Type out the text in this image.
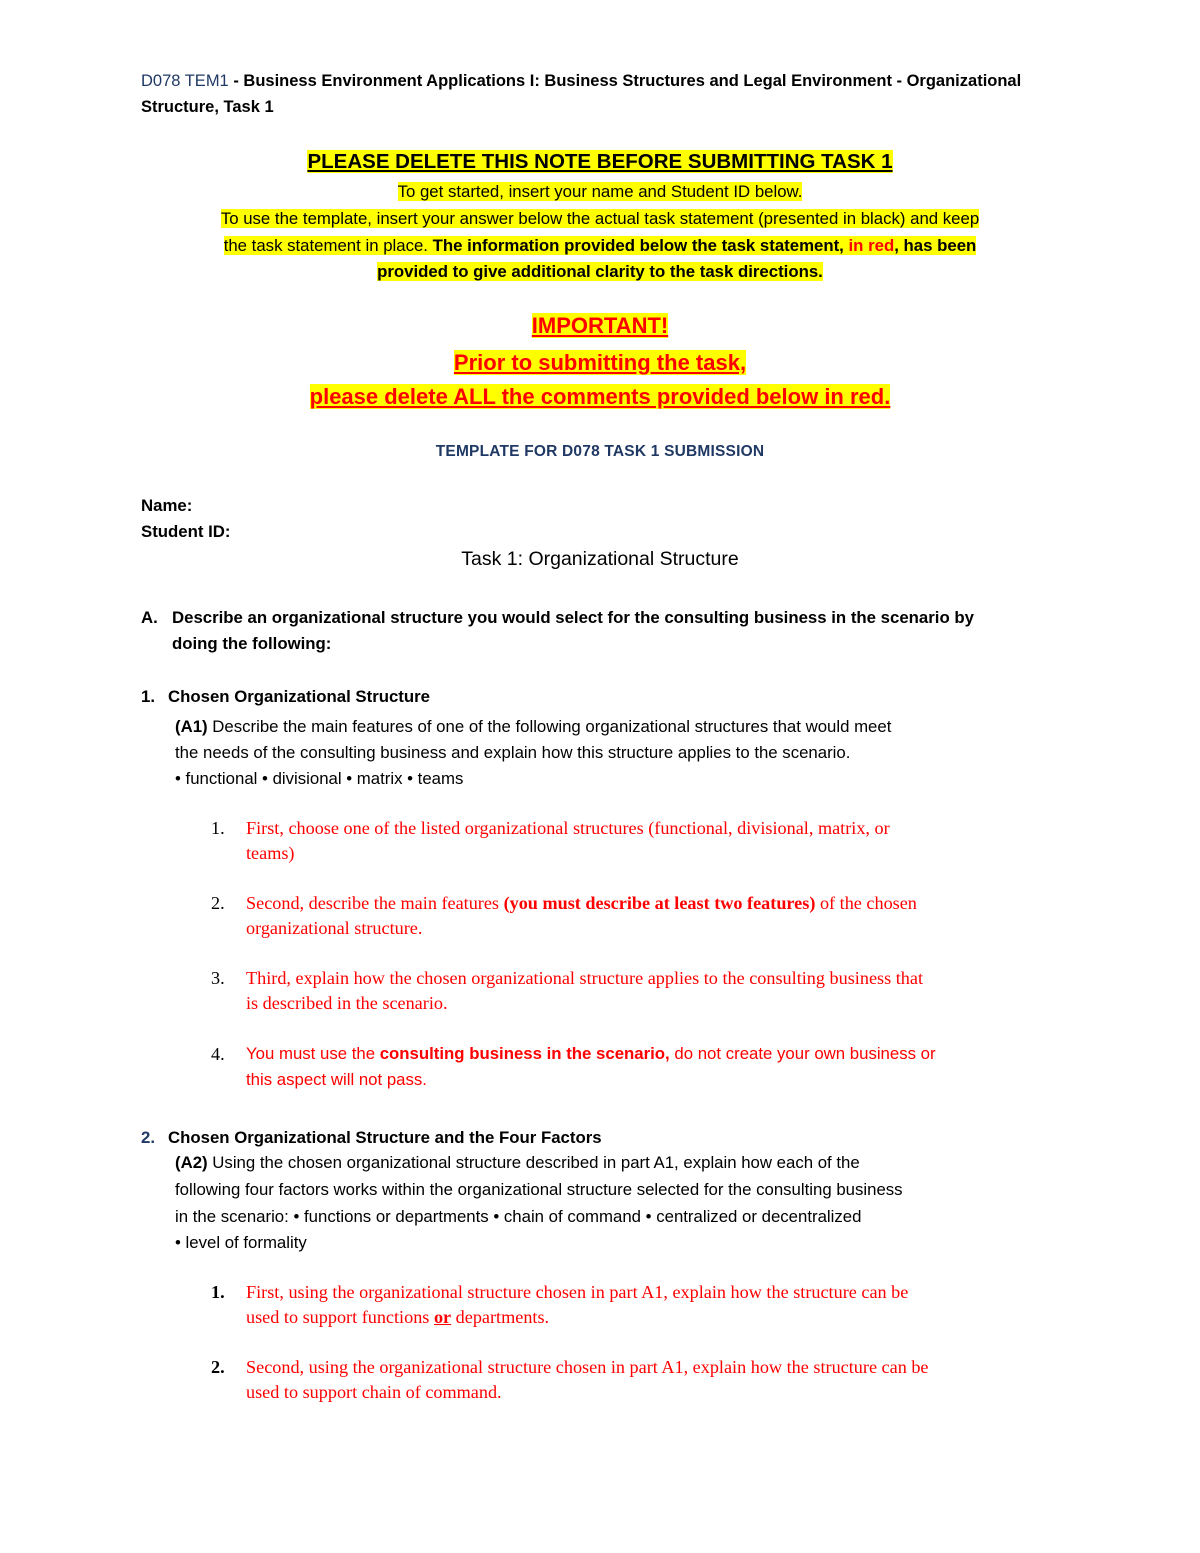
D078 TEM1 - Business Environment Applications I: Business Structures and Legal Environment - Organizational
Structure, Task 1
PLEASE DELETE THIS NOTE BEFORE SUBMITTING TASK 1
To get started, insert your name and Student ID below.
To use the template, insert your answer below the actual task statement (presented in black) and keep
the task statement in place. The information provided below the task statement, in red, has been
provided to give additional clarity to the task directions.
IMPORTANT!
Prior to submitting the task,
please delete ALL the comments provided below in red.
TEMPLATE FOR D078 TASK 1 SUBMISSION
Name:
Student ID:
Task 1: Organizational Structure
A. Describe an organizational structure you would select for the consulting business in the scenario by
doing the following:
1. Chosen Organizational Structure
(A1) Describe the main features of one of the following organizational structures that would meet
the needs of the consulting business and explain how this structure applies to the scenario.
• functional • divisional • matrix • teams
1. First, choose one of the listed organizational structures (functional, divisional, matrix, or
teams)
2. Second, describe the main features (you must describe at least two features) of the chosen
organizational structure.
3. Third, explain how the chosen organizational structure applies to the consulting business that
is described in the scenario.
4. You must use the consulting business in the scenario, do not create your own business or
this aspect will not pass.
2. Chosen Organizational Structure and the Four Factors
(A2) Using the chosen organizational structure described in part A1, explain how each of the
following four factors works within the organizational structure selected for the consulting business
in the scenario: • functions or departments • chain of command • centralized or decentralized
• level of formality
1. First, using the organizational structure chosen in part A1, explain how the structure can be
used to support functions or departments.
2. Second, using the organizational structure chosen in part A1, explain how the structure can be
used to support chain of command.
